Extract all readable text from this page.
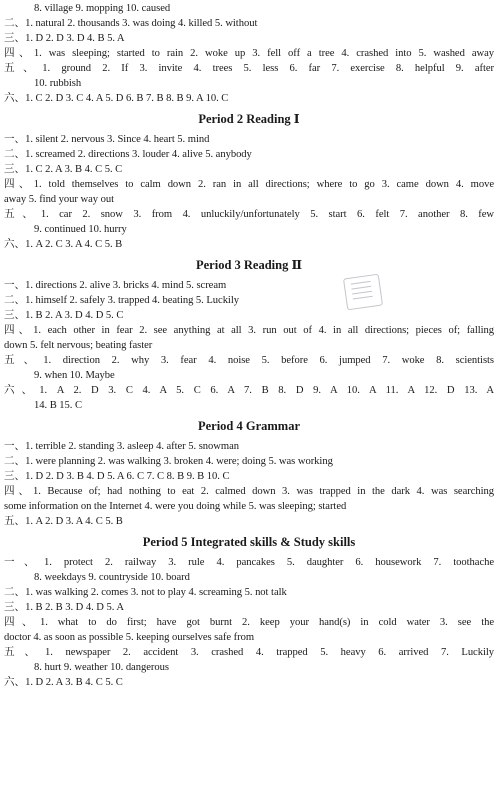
8. village 9. mopping 10. caused
二、1. natural 2. thousands 3. was doing 4. killed 5. without
三、1. D 2. D 3. D 4. B 5. A
四、1. was sleeping; started to rain 2. woke up 3. fell off a tree 4. crashed into 5. washed away
五、1. ground 2. If 3. invite 4. trees 5. less 6. far 7. exercise 8. helpful 9. after
10. rubbish
六、1. C 2. D 3. C 4. A 5. D 6. B 7. B 8. B 9. A 10. C
Period 2 Reading Ⅰ
一、1. silent 2. nervous 3. Since 4. heart 5. mind
二、1. screamed 2. directions 3. louder 4. alive 5. anybody
三、1. C 2. A 3. B 4. C 5. C
四、1. told themselves to calm down 2. ran in all directions; where to go 3. came down 4. move
away 5. find your way out
五、1. car 2. snow 3. from 4. unluckily/unfortunately 5. start 6. felt 7. another 8. few
9. continued 10. hurry
六、1. A 2. C 3. A 4. C 5. B
Period 3 Reading Ⅱ
一、1. directions 2. alive 3. bricks 4. mind 5. scream
二、1. himself 2. safely 3. trapped 4. beating 5. Luckily
三、1. B 2. A 3. D 4. D 5. C
四、1. each other in fear 2. see anything at all 3. run out of 4. in all directions; pieces of; falling
down 5. felt nervous; beating faster
五、1. direction 2. why 3. fear 4. noise 5. before 6. jumped 7. woke 8. scientists
9. when 10. Maybe
六、1. A 2. D 3. C 4. A 5. C 6. A 7. B 8. D 9. A 10. A 11. A 12. D 13. A
14. B 15. C
Period 4 Grammar
一、1. terrible 2. standing 3. asleep 4. after 5. snowman
二、1. were planning 2. was walking 3. broken 4. were; doing 5. was working
三、1. D 2. D 3. B 4. D 5. A 6. C 7. C 8. B 9. B 10. C
四、1. Because of; had nothing to eat 2. calmed down 3. was trapped in the dark 4. was searching
some information on the Internet 4. were you doing while 5. was sleeping; started
五、1. A 2. D 3. A 4. C 5. B
Period 5 Integrated skills & Study skills
一、1. protect 2. railway 3. rule 4. pancakes 5. daughter 6. housework 7. toothache
8. weekdays 9. countryside 10. board
二、1. was walking 2. comes 3. not to play 4. screaming 5. not talk
三、1. B 2. B 3. D 4. D 5. A
四、1. what to do first; have got burnt 2. keep your hand(s) in cold water 3. see the
doctor 4. as soon as possible 5. keeping ourselves safe from
五、1. newspaper 2. accident 3. crashed 4. trapped 5. heavy 6. arrived 7. Luckily
8. hurt 9. weather 10. dangerous
六、1. D 2. A 3. B 4. C 5. C
